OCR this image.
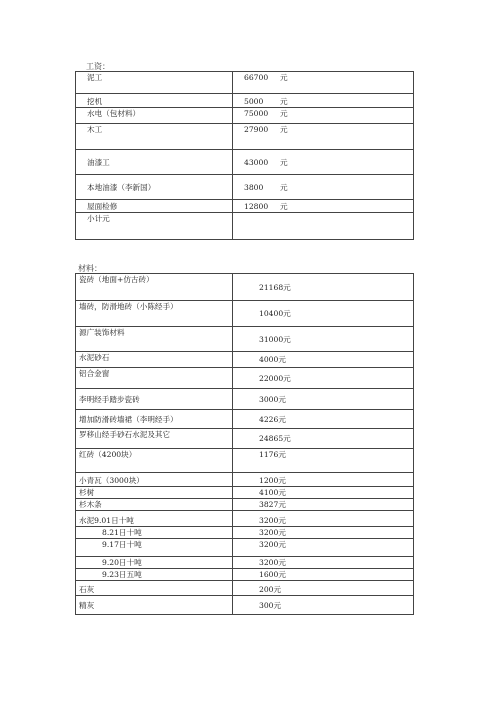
工资：
泥工	66700 元
挖机	5000 元
水电（包材料）	75000 元
木工	27900 元
油漆工	43000 元
本地油漆（李新国）	3800 元
屋面检修	12800 元
小计元	
材料：
瓷砖（地面+仿古砖）	21168元
墙砖，防滑地砖（小陈经手）	10400元
源广装饰材料	31000元
水泥砂石	4000元
铝合金窗	22000元
李明经手踏步瓷砖	3000元
增加防滑砖墙裙（李明经手）	4226元
罗移山经手砂石水泥及其它	24865元
红砖（4200块）	1176元
小青瓦（3000块）	1200元
杉树	4100元
杉木条	3827元
水泥9.01日十吨	3200元
8.21日十吨	3200元
9.17日十吨	3200元
9.20日十吨	3200元
9.23日五吨	1600元
石灰	200元
精灰	300元
